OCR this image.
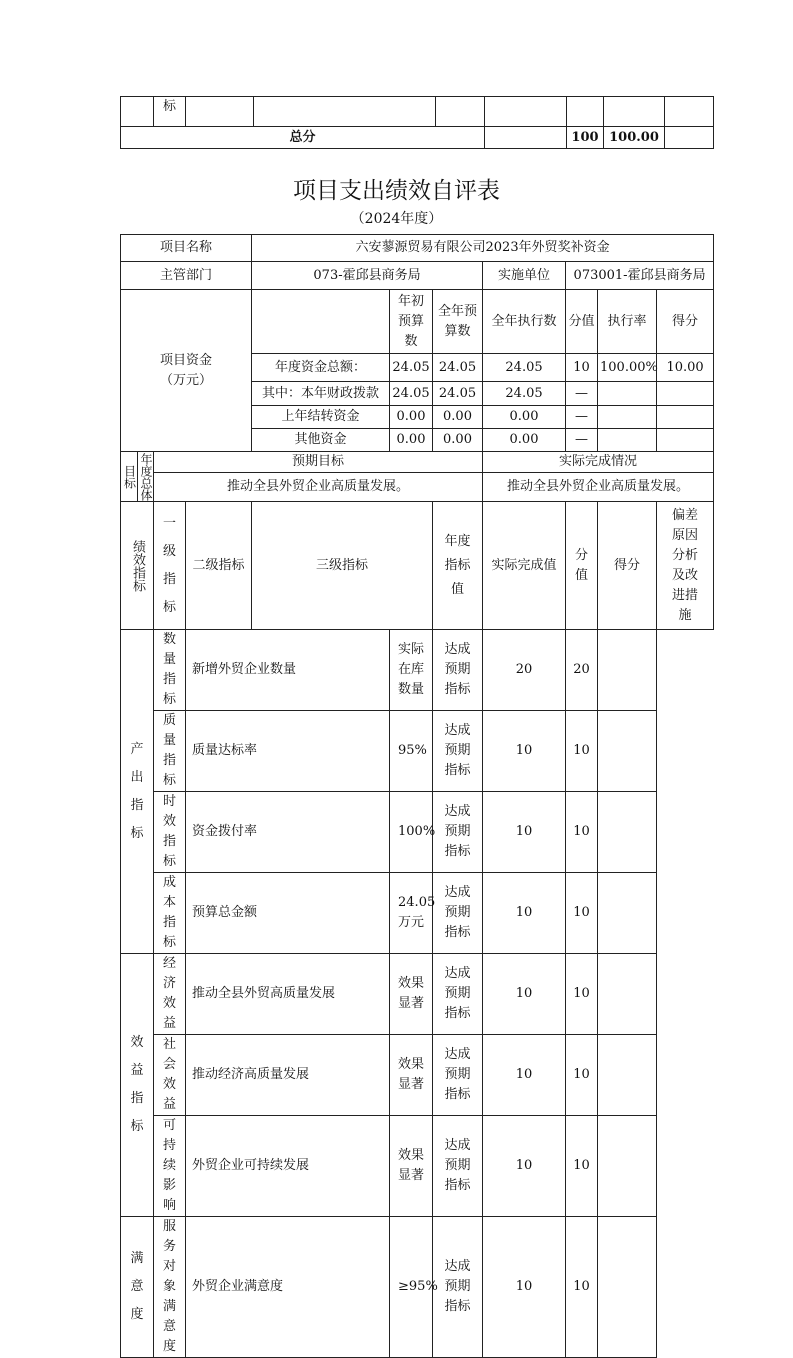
	标							
总分						100	100.00	
项目支出绩效自评表
（2024年度）
项目名称			六安蓼源贸易有限公司2023年外贸奖补资金						
主管部门			073-霍邱县商务局			实施单位	073001-霍邱县商务局		
项目资金（万元）				年初预算数	全年预算数	全年执行数	分值	执行率	得分
			年度资金总额：	24.05	24.05	24.05	10	100.00%	10.00
			其中：本年财政拨款	24.05	24.05	24.05	—		
			上年结转资金	0.00	0.00	0.00	—		
			其他资金	0.00	0.00	0.00	—		

目标 年度总体	预期目标					实际完成情况			
	推动全县外贸企业高质量发展。					推动全县外贸企业高质量发展。			

绩效指标	一级指标	二级指标	三级指标		年度指标值	实际完成值	分值	得分	偏差原因分析及改进措施
产出指标	数量指标	新增外贸企业数量		实际在库数量	达成预期指标	20	20		
	质量指标	质量达标率		95%	达成预期指标	10	10		
	时效指标	资金拨付率		100%	达成预期指标	10	10		
	成本指标	预算总金额		24.05万元	达成预期指标	10	10		
效益指标	经济效益	推动全县外贸高质量发展		效果显著	达成预期指标	10	10		
	社会效益	推动经济高质量发展		效果显著	达成预期指标	10	10		
	可持续影响	外贸企业可持续发展		效果显著	达成预期指标	10	10		
满意度	服务对象满意度	外贸企业满意度		≥95%	达成预期指标	10	10		
